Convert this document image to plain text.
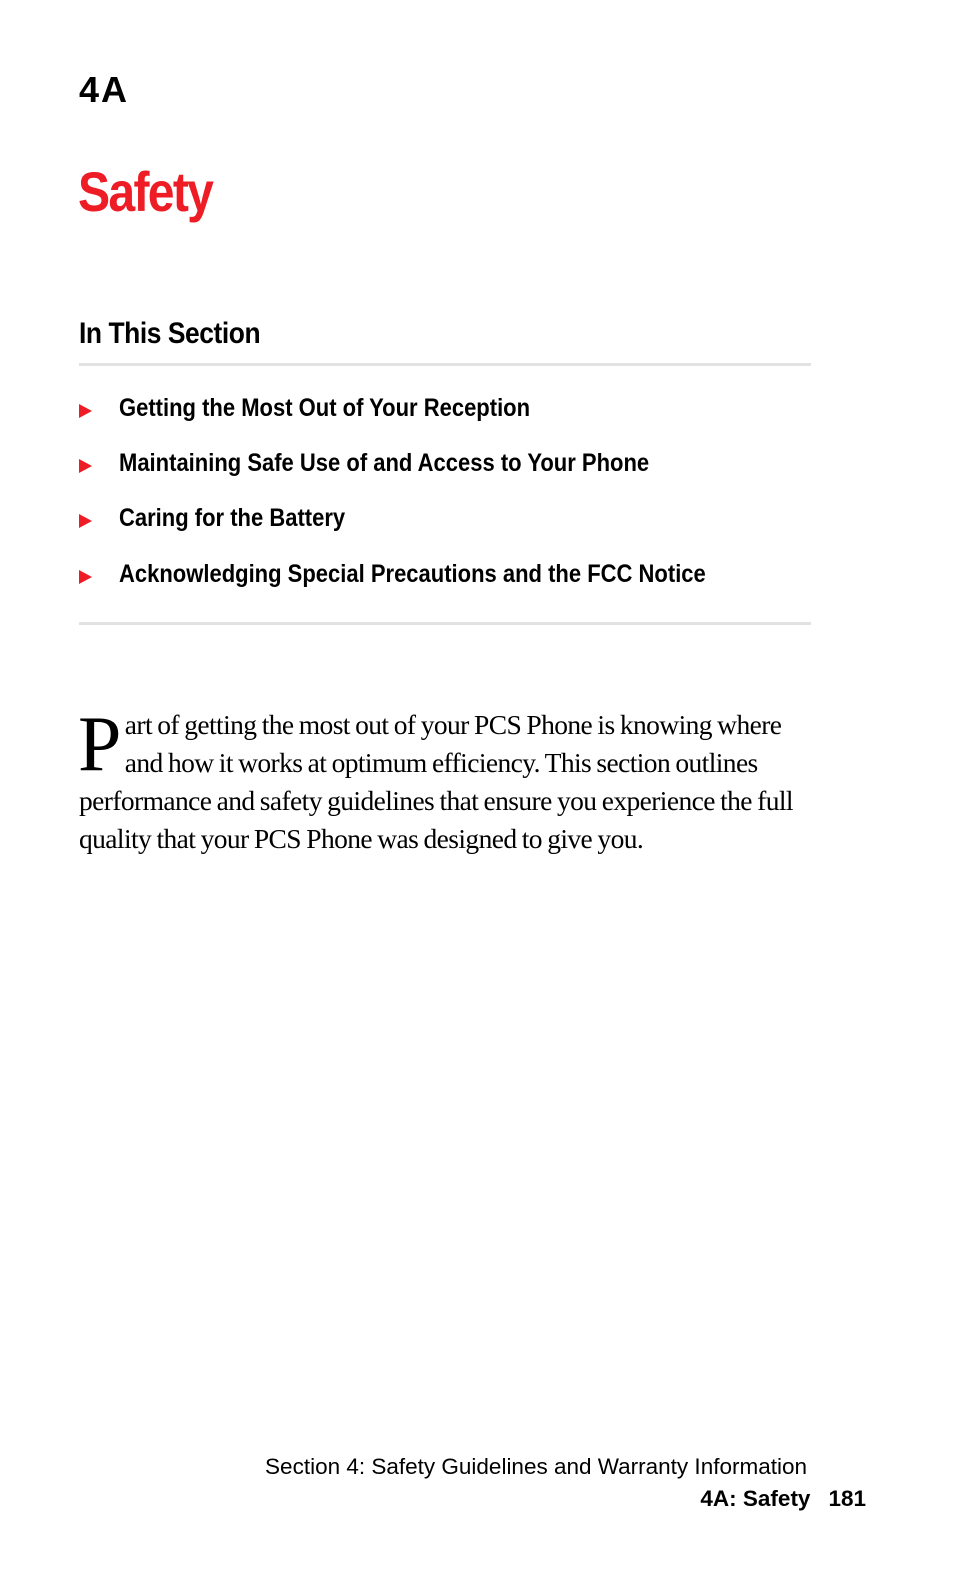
4A
Safety
In This Section
Getting the Most Out of Your Reception
Maintaining Safe Use of and Access to Your Phone
Caring for the Battery
Acknowledging Special Precautions and the FCC Notice

Part of getting the most out of your PCS Phone is knowing where and how it works at optimum efficiency. This section outlines performance and safety guidelines that ensure you experience the full quality that your PCS Phone was designed to give you.

Section 4: Safety Guidelines and Warranty Information
4A: Safety 181
